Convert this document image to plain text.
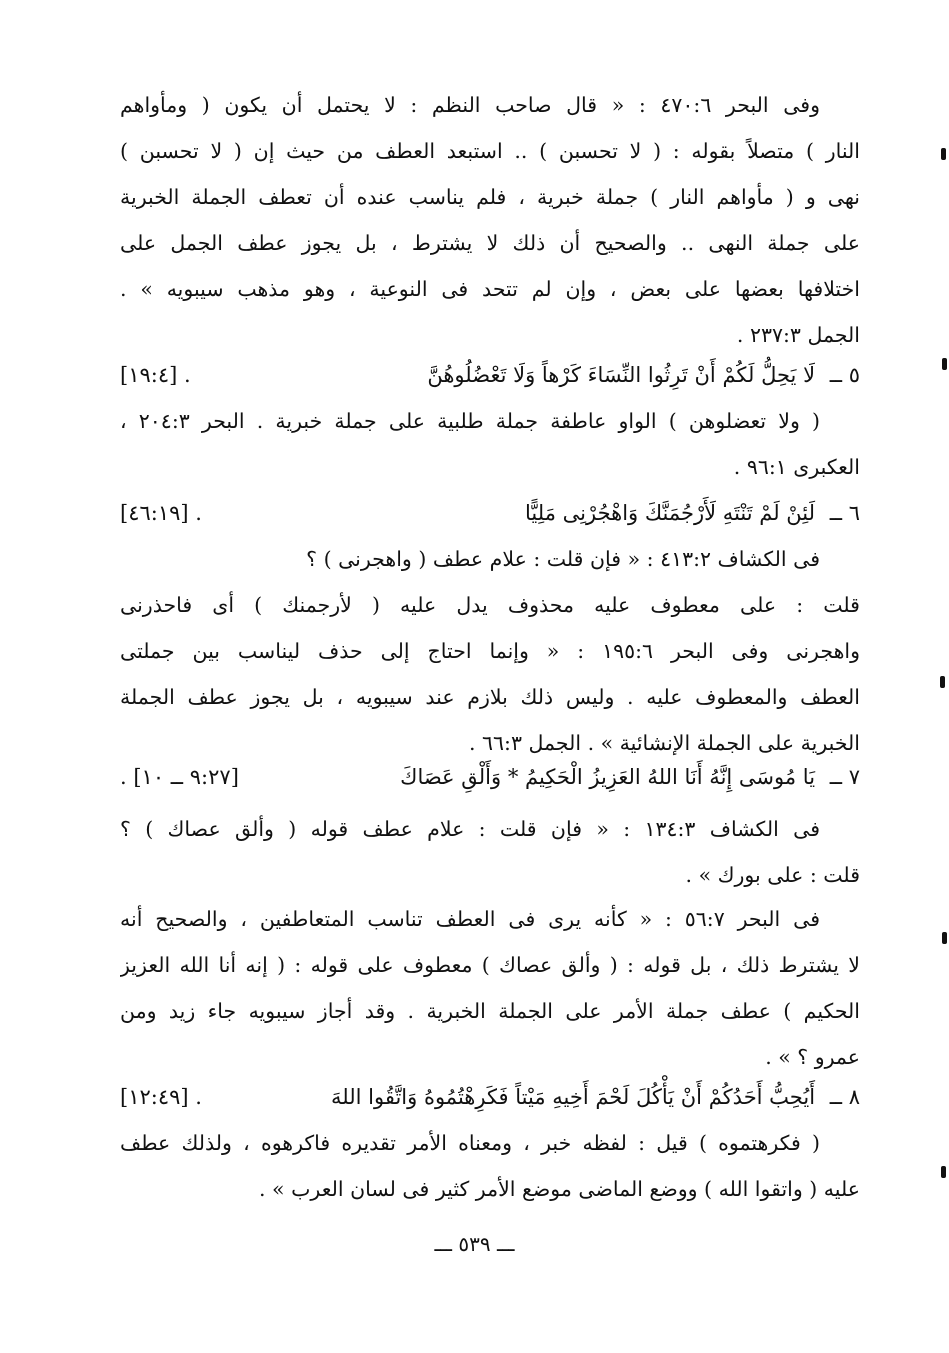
وفى البحر ٤٧٠:٦ : « قال صاحب النظم : لا يحتمل أن يكون ( ومأواهم
النار ) متصلاً بقوله : ( لا تحسبن ) .. استبعد العطف من حيث إن ( لا تحسبن )
نهى و ( مأواهم النار ) جملة خبرية ، فلم يناسب عنده أن تعطف الجملة الخبرية
على جملة النهى .. والصحيح أن ذلك لا يشترط ، بل يجوز عطف الجمل على
اختلافها بعضها على بعض ، وإن لم تتحد فى النوعية ، وهو مذهب سيبويه » .
الجمل ٢٣٧:٣ .
٥ ــ لَا يَحِلُّ لَكُمْ أَنْ تَرِثُوا النِّسَاءَ كَرْهاً وَلَا تَعْضُلُوهُنَّ
[١٩:٤] .
( ولا تعضلوهن ) الواو عاطفة جملة طلبية على جملة خبرية . البحر ٢٠٤:٣ ،
العكبرى ٩٦:١ .
٦ ــ لَئِنْ لَمْ تَنْتَهِ لَأَرْجُمَنَّكَ وَاهْجُرْنِى مَلِيًّا
[٤٦:١٩] .
فى الكشاف ٤١٣:٢ : « فإن قلت : علام عطف ( واهجرنى ) ؟
قلت : على معطوف عليه محذوف يدل عليه ( لأرجمنك ) أى فاحذرنى
واهجرنى وفى البحر ١٩٥:٦ : « وإنما احتاج إلى حذف ليناسب بين جملتى
العطف والمعطوف عليه . وليس ذلك بلازم عند سيبويه ، بل يجوز عطف الجملة
الخبرية على الجملة الإنشائية » . الجمل ٦٦:٣ .
٧ ــ يَا مُوسَى إِنَّهُ أَنَا اللهُ العَزِيزُ الْحَكِيمُ * وَأَلْقِ عَصَاكَ
[٩:٢٧ ــ ١٠] .
فى الكشاف ١٣٤:٣ : « فإن قلت : علام عطف قوله ( وألق عصاك ) ؟
قلت : على بورك » .
فى البحر ٥٦:٧ : « كأنه يرى فى العطف تناسب المتعاطفين ، والصحيح أنه
لا يشترط ذلك ، بل قوله : ( وألق عصاك ) معطوف على قوله : ( إنه أنا الله العزيز
الحكيم ) عطف جملة الأمر على الجملة الخبرية . وقد أجاز سيبويه جاء زيد ومن
عمرو ؟ » .
٨ ــ أَيُحِبُّ أَحَدُكُمْ أَنْ يَأْكُلَ لَحْمَ أَخِيهِ مَيْتاً فَكَرِهْتُمُوهُ وَاتَّقُوا اللهَ
[١٢:٤٩] .
( فكرهتموه ) قيل : لفظه خبر ، ومعناه الأمر تقديره فاكرهوه ، ولذلك عطف
عليه ( واتقوا الله ) ووضع الماضى موضع الأمر كثير فى لسان العرب » .
ـــ ٥٣٩ ـــ
